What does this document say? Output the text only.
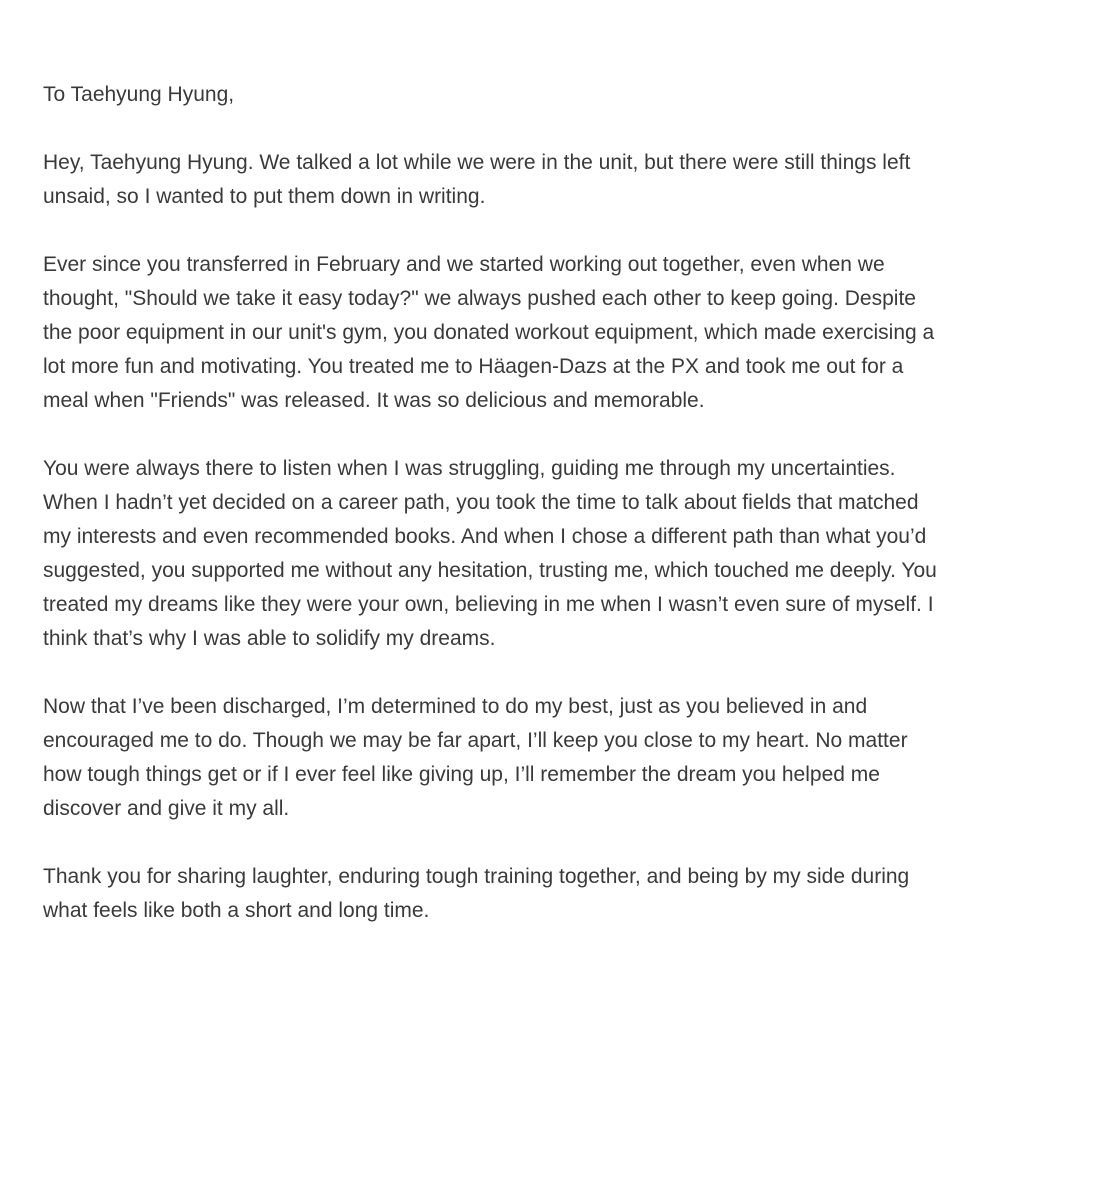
To Taehyung Hyung,

Hey, Taehyung Hyung. We talked a lot while we were in the unit, but there were still things left
unsaid, so I wanted to put them down in writing.

Ever since you transferred in February and we started working out together, even when we
thought, "Should we take it easy today?" we always pushed each other to keep going. Despite
the poor equipment in our unit's gym, you donated workout equipment, which made exercising a
lot more fun and motivating. You treated me to Häagen-Dazs at the PX and took me out for a
meal when "Friends" was released. It was so delicious and memorable.

You were always there to listen when I was struggling, guiding me through my uncertainties.
When I hadn’t yet decided on a career path, you took the time to talk about fields that matched
my interests and even recommended books. And when I chose a different path than what you’d
suggested, you supported me without any hesitation, trusting me, which touched me deeply. You
treated my dreams like they were your own, believing in me when I wasn’t even sure of myself. I
think that’s why I was able to solidify my dreams.

Now that I’ve been discharged, I’m determined to do my best, just as you believed in and
encouraged me to do. Though we may be far apart, I’ll keep you close to my heart. No matter
how tough things get or if I ever feel like giving up, I’ll remember the dream you helped me
discover and give it my all.

Thank you for sharing laughter, enduring tough training together, and being by my side during
what feels like both a short and long time.
